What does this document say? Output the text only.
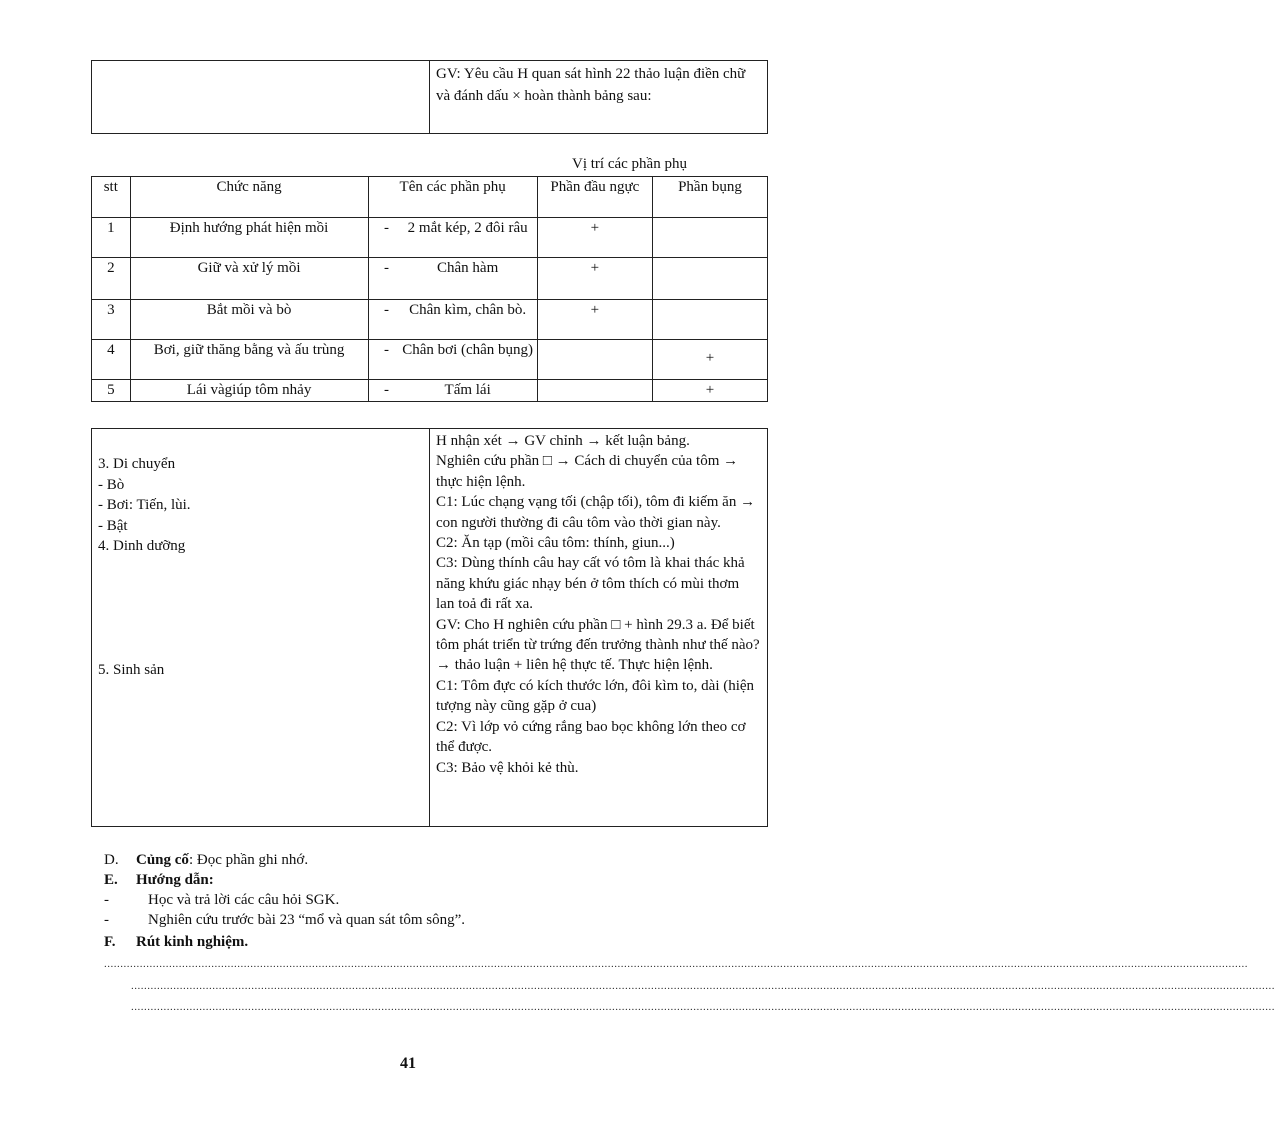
GV: Yêu cầu H quan sát hình 22 thảo luận điền chữ và đánh dấu × hoàn thành bảng sau:
Vị trí các phần phụ
stt	Chức năng	Tên các phần phụ	Phần đầu ngực	Phần bụng
1	Định hướng phát hiện mồi	- 2 mắt kép, 2 đôi râu	+	
2	Giữ và xử lý mồi	- Chân hàm	+	
3	Bắt mồi và bò	- Chân kìm, chân bò.	+	
4	Bơi, giữ thăng bằng và ấu trùng	- Chân bơi (chân bụng)		+
5	Lái vàgiúp tôm nhảy	- Tấm lái		+
3. Di chuyển
- Bò
- Bơi: Tiến, lùi.
- Bật
4. Dinh dưỡng
5. Sinh sản
H nhận xét → GV chỉnh → kết luận bảng.
Nghiên cứu phần □ → Cách di chuyển của tôm → thực hiện lệnh.
C1: Lúc chạng vạng tối (chập tối), tôm đi kiếm ăn → con người thường đi câu tôm vào thời gian này.
C2: Ăn tạp (mồi câu tôm: thính, giun...)
C3: Dùng thính câu hay cất vó tôm là khai thác khả năng khứu giác nhạy bén ở tôm thích có mùi thơm lan toả đi rất xa.
GV: Cho H nghiên cứu phần □ + hình 29.3 a. Để biết tôm phát triển từ trứng đến trưởng thành như thế nào? → thảo luận + liên hệ thực tế. Thực hiện lệnh.
C1: Tôm đực có kích thước lớn, đôi kìm to, dài (hiện tượng này cũng gặp ở cua)
C2: Vì lớp vỏ cứng rắng bao bọc không lớn theo cơ thể được.
C3: Bảo vệ khỏi kẻ thù.
D. Củng cố: Đọc phần ghi nhớ.
E. Hướng dẫn:
-	Học và trả lời các câu hỏi SGK.
-	Nghiên cứu trước bài 23 “mổ và quan sát tôm sông”.
F. Rút kinh nghiệm.
................................................................................................................................................................................................................................................................................................................................................................
................................................................................................................................................................................................................................................................................................................................................................
................................................................................................................................................................................................................................................................................................................................................................
41
